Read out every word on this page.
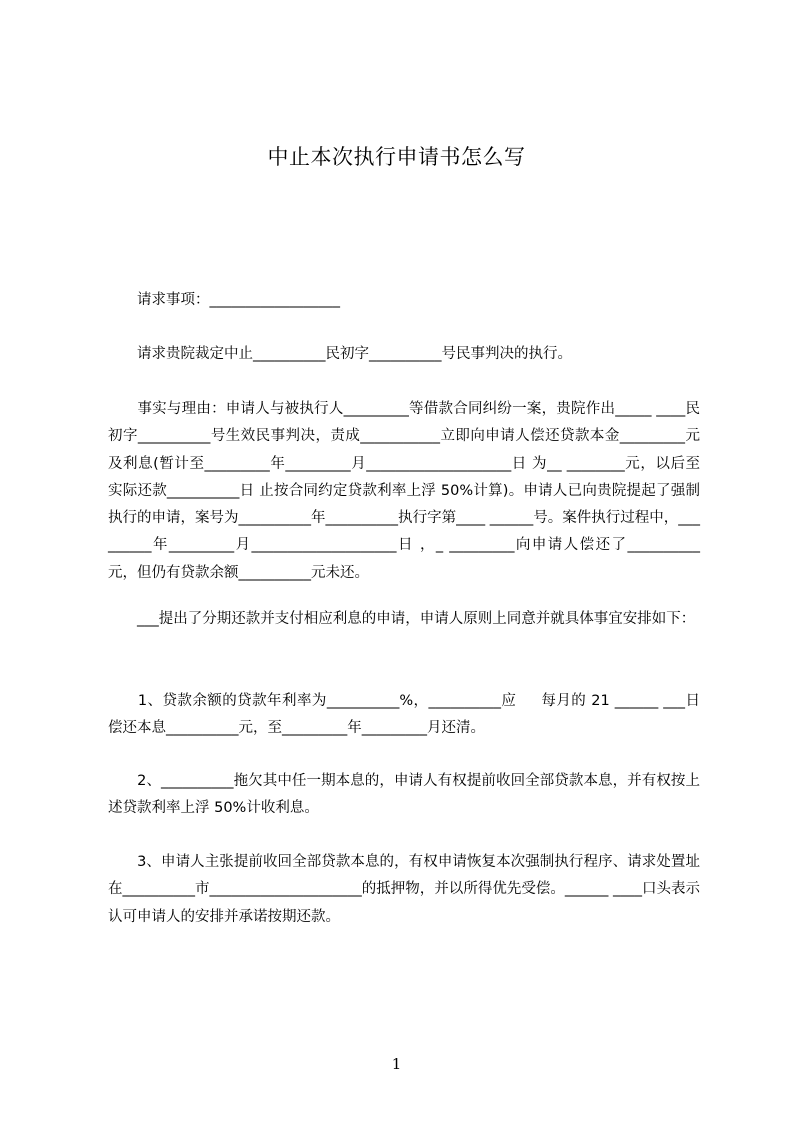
中止本次执行申请书怎么写
　　请求事项：__________________
　　请求贵院裁定中止__________民初字__________号民事判决的执行。
　　事实与理由：申请人与被执行人_________等借款合同纠纷一案，贵院作出_____ ____民初字__________号生效民事判决，责成___________立即向申请人偿还贷款本金_________元及利息(暂计至_________年_________月____________________日 为__ ________元，以后至实际还款__________日 止按合同约定贷款利率上浮 50%计算)。申请人已向贵院提起了强制执行的申请，案号为__________年__________执行字第____ ______号。案件执行过程中，_________年_________月____________________日 ，_ _________向申请人偿还了__________元，但仍有贷款余额__________元未还。
　　___提出了分期还款并支付相应利息的申请，申请人原则上同意并就具体事宜安排如下：
　　1、贷款余额的贷款年利率为__________%，__________应 　 每月的 21 ______ ___日 偿还本息__________元，至_________年_________月还清。
　　2、__________拖欠其中任一期本息的，申请人有权提前收回全部贷款本息，并有权按上述贷款利率上浮 50%计收利息。
　　3、申请人主张提前收回全部贷款本息的，有权申请恢复本次强制执行程序、请求处置址在__________市_____________________的抵押物，并以所得优先受偿。______ ____口头表示认可申请人的安排并承诺按期还款。
1
